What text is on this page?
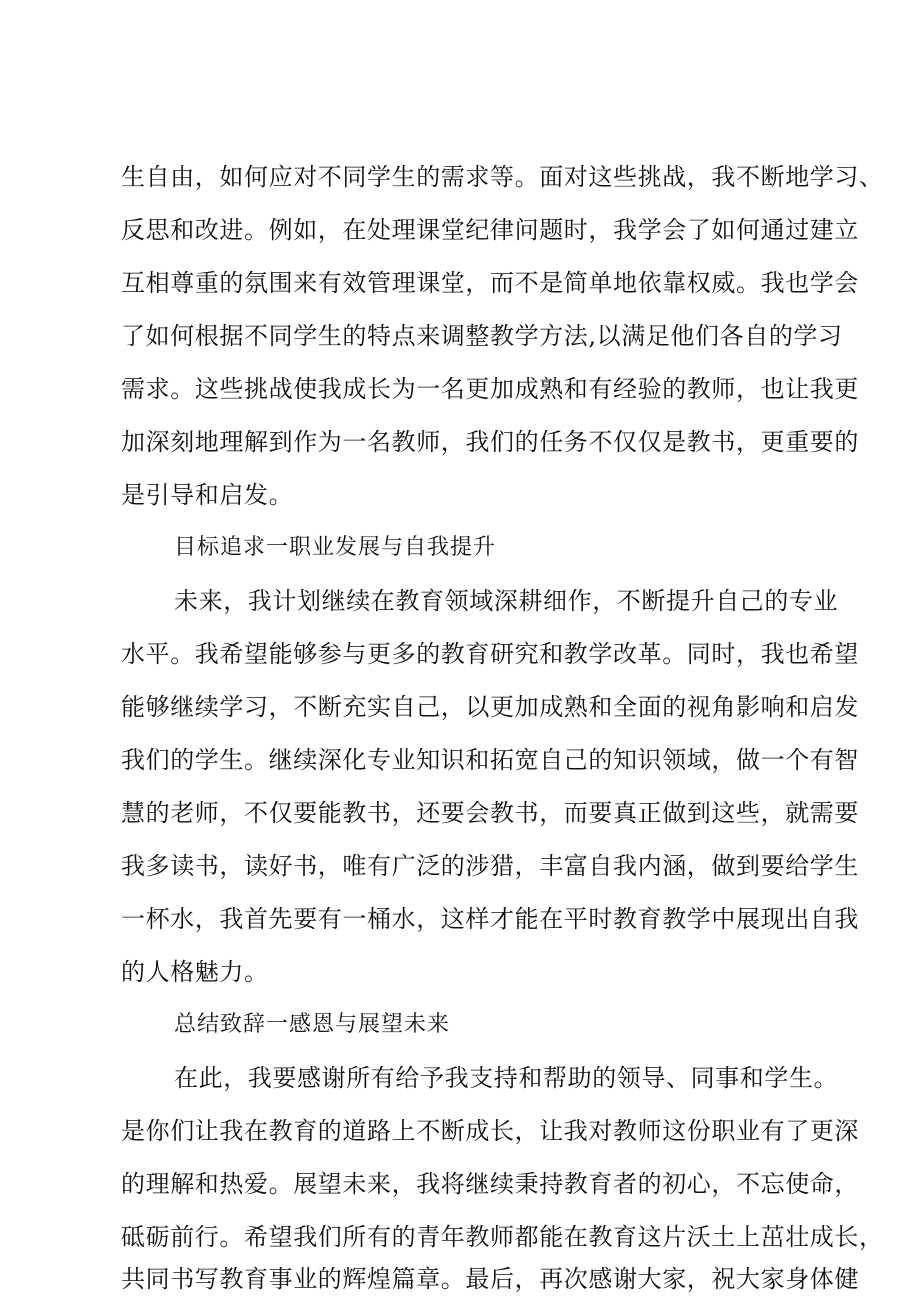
生自由，如何应对不同学生的需求等。面对这些挑战，我不断地学习、
反思和改进。例如，在处理课堂纪律问题时，我学会了如何通过建立
互相尊重的氛围来有效管理课堂，而不是简单地依靠权威。我也学会
了如何根据不同学生的特点来调整教学方法,以满足他们各自的学习
需求。这些挑战使我成长为一名更加成熟和有经验的教师，也让我更
加深刻地理解到作为一名教师，我们的任务不仅仅是教书，更重要的
是引导和启发。
目标追求一职业发展与自我提升
未来，我计划继续在教育领域深耕细作，不断提升自己的专业
水平。我希望能够参与更多的教育研究和教学改革。同时，我也希望
能够继续学习，不断充实自己，以更加成熟和全面的视角影响和启发
我们的学生。继续深化专业知识和拓宽自己的知识领域，做一个有智
慧的老师，不仅要能教书，还要会教书，而要真正做到这些，就需要
我多读书，读好书，唯有广泛的涉猎，丰富自我内涵，做到要给学生
一杯水，我首先要有一桶水，这样才能在平时教育教学中展现出自我
的人格魅力。
总结致辞一感恩与展望未来
在此，我要感谢所有给予我支持和帮助的领导、同事和学生。
是你们让我在教育的道路上不断成长，让我对教师这份职业有了更深
的理解和热爱。展望未来，我将继续秉持教育者的初心，不忘使命，
砥砺前行。希望我们所有的青年教师都能在教育这片沃土上茁壮成长，
共同书写教育事业的辉煌篇章。最后，再次感谢大家，祝大家身体健
